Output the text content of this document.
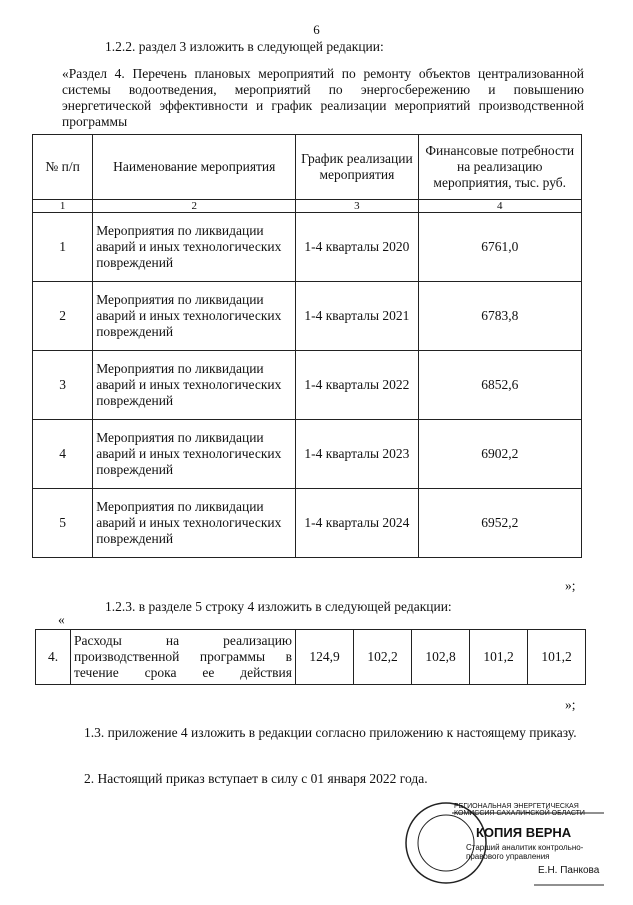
6
1.2.2. раздел 3 изложить в следующей редакции:
«Раздел 4. Перечень плановых мероприятий по ремонту объектов централизованной системы водоотведения, мероприятий по энергосбережению и повышению энергетической эффективности и график реализации мероприятий производственной программы
№ п/п	Наименование мероприятия	График реализации мероприятия	Финансовые потребности на реализацию мероприятия, тыс. руб.
1	2	3	4
1	Мероприятия по ликвидации аварий и иных технологических повреждений	1-4 кварталы 2020	6761,0
2	Мероприятия по ликвидации аварий и иных технологических повреждений	1-4 кварталы 2021	6783,8
3	Мероприятия по ликвидации аварий и иных технологических повреждений	1-4 кварталы 2022	6852,6
4	Мероприятия по ликвидации аварий и иных технологических повреждений	1-4 кварталы 2023	6902,2
5	Мероприятия по ликвидации аварий и иных технологических повреждений	1-4 кварталы 2024	6952,2
»;
1.2.3. в разделе 5 строку 4 изложить в следующей редакции:
«
4.	Расходы на реализацию производственной программы в течение срока ее действия	124,9	102,2	102,8	101,2	101,2
»;
1.3. приложение 4 изложить в редакции согласно приложению к настоящему приказу.
2. Настоящий приказ вступает в силу с 01 января 2022 года.
РЕГИОНАЛЬНАЯ ЭНЕРГЕТИЧЕСКАЯ КОМИССИЯ САХАЛИНСКОЙ ОБЛАСТИ
КОПИЯ ВЕРНА
Старший аналитик контрольно-правового управления
Е.Н. Панкова
